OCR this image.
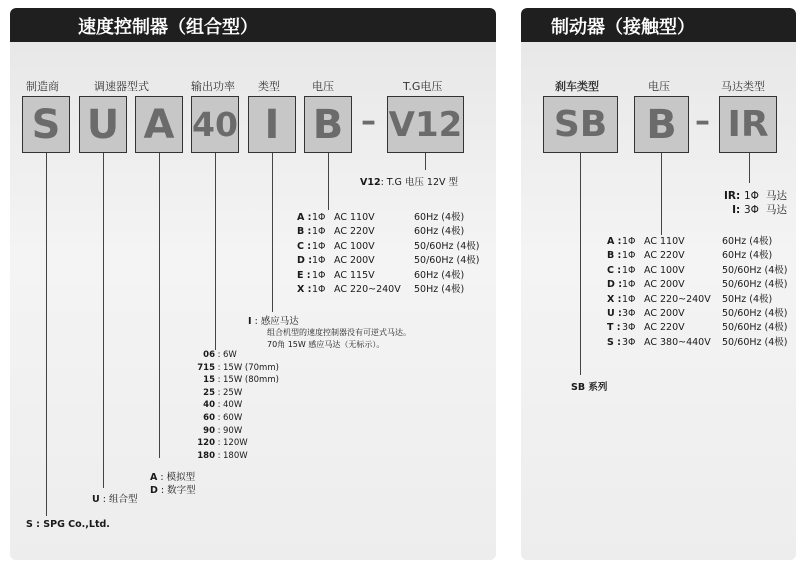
速度控制器（组合型）
制造商	调速器型式	输出功率 类型	电压	T.G电压
S U A 40 I B – V12
V12: T.G 电压 12V 型
A :	1Φ	AC 110V	60Hz (4极)
B :	1Φ	AC 220V	60Hz (4极)
C :	1Φ	AC 100V	50/60Hz (4极)
D :	1Φ	AC 200V	50/60Hz (4极)
E :	1Φ	AC 115V	60Hz (4极)
X :	1Φ	AC 220~240V	50Hz (4极)
I : 感应马达
组合机型的速度控制器没有可逆式马达。
70角 15W 感应马达（无标示）。
06	:	6W
715	:	15W (70mm)
15	:	15W (80mm)
25	:	25W
40	:	40W
60	:	60W
90	:	90W
120	:	120W
180	:	180W
A : 模拟型
D : 数字型
U : 组合型
S : SPG Co.,Ltd.
制动器（接触型）
刹车类型	电压	马达类型
SB B – IR
IR	:	1Φ	马达
I	:	3Φ	马达
A :	1Φ	AC 110V	60Hz (4极)
B :	1Φ	AC 220V	60Hz (4极)
C :	1Φ	AC 100V	50/60Hz (4极)
D :	1Φ	AC 200V	50/60Hz (4极)
X :	1Φ	AC 220~240V	50Hz (4极)
U :	3Φ	AC 200V	50/60Hz (4极)
T :	3Φ	AC 220V	50/60Hz (4极)
S :	3Φ	AC 380~440V	50/60Hz (4极)
SB 系列
